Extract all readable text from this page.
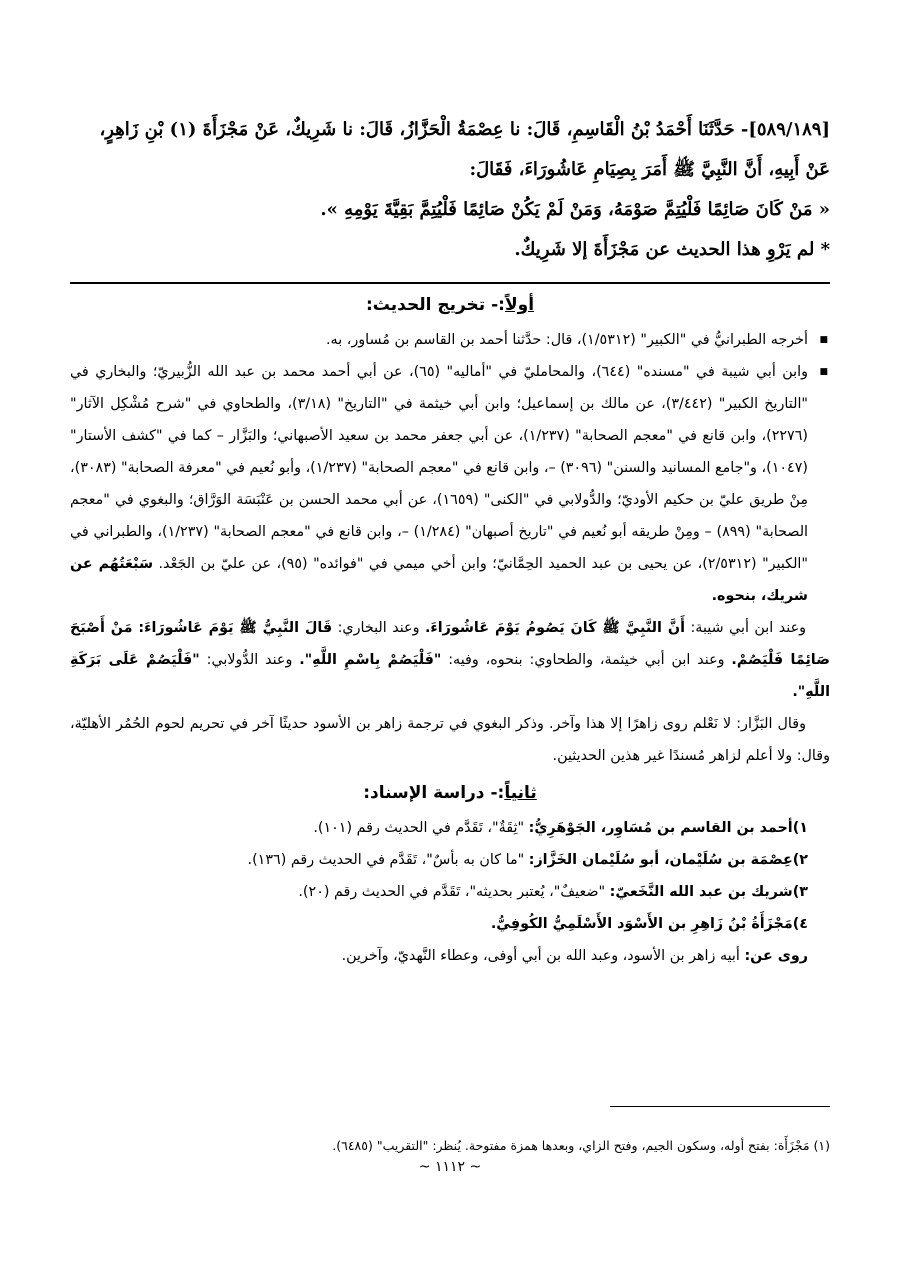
[٥٨٩/١٨٩]- حَدَّثَنَا أَحْمَدُ بْنُ الْقَاسِمِ، قَالَ: نا عِصْمَةُ الْحَزَّازُ، قَالَ: نا شَرِيكٌ، عَنْ مَجْزَأَةَ (١) بْنِ زَاهِرٍ،

عَنْ أَبِيهِ، أَنَّ النَّبِيَّ ﷺ أَمَرَ بِصِيَامِ عَاشُورَاءَ، فَقَالَ:

« مَنْ كَانَ صَائِمًا فَلْيُتِمَّ صَوْمَهُ، وَمَنْ لَمْ يَكُنْ صَائِمًا فَلْيُتِمَّ بَقِيَّةَ يَوْمِهِ ».

* لم يَرْوِ هذا الحديث عن مَجْزَأَةَ إلا شَرِيكٌ.

أولاً:- تخريج الحديث:

■ أخرجه الطبرانيُّ في "الكبير" (١/٥٣١٢)، قال: حدَّثنا أحمد بن القاسم بن مُساور، به.

■ وابن أبي شيبة في "مسنده" (٦٤٤)، والمحامليّ في "أماليه" (٦٥)، عن أبي أحمد محمد بن عبد الله الزُّبيريّ؛ والبخاري في "التاريخ الكبير" (٣/٤٤٢)، عن مالك بن إسماعيل؛ وابن أبي خيثمة في "التاريخ" (٣/١٨)، والطحاوي في "شرح مُشْكِل الآثار" (٢٢٧٦)، وابن قانع في "معجم الصحابة" (١/٢٣٧)، عن أبي جعفر محمد بن سعيد الأصبهاني؛ والبَزَّار – كما في "كشف الأستار" (١٠٤٧)، و"جامع المسانيد والسنن" (٣٠٩٦) –، وابن قانع في "معجم الصحابة" (١/٢٣٧)، وأبو نُعيم في "معرفة الصحابة" (٣٠٨٣)، مِنْ طريق عليّ بن حكيم الأوديّ؛ والدُّولابي في "الكنى" (١٦٥٩)، عن أبي محمد الحسن بن عَنْبَسَة الوَرَّاق؛ والبغوي في "معجم الصحابة" (٨٩٩) – ومِنْ طريقه أبو نُعيم في "تاريخ أصبهان" (١/٢٨٤) –، وابن قانع في "معجم الصحابة" (١/٢٣٧)، والطبراني في "الكبير" (٢/٥٣١٢)، عن يحيى بن عبد الحميد الحِمَّانيّ؛ وابن أخي ميمي في "فوائده" (٩٥)، عن عليّ بن الجَعْد. سَبْعَتُهُم عن شريك، بنحوه.

وعند ابن أبي شيبة: أَنَّ النَّبِيَّ ﷺ كَانَ يَصُومُ يَوْمَ عَاشُورَاءَ. وعند البخاري: قَالَ النَّبِيُّ ﷺ يَوْمَ عَاشُورَاءَ: مَنْ أَصْبَحَ صَائِمًا فَلْيَصُمْ. وعند ابن أبي خيثمة، والطحاوي: بنحوه، وفيه: "فَلْيَصُمْ بِاسْمِ اللَّهِ". وعند الدُّولابي: "فَلْيَصُمْ عَلَى بَرَكَةِ اللَّهِ".

وقال البَزَّار: لا نَعْلم روى زاهرًا إلا هذا وآخر. وذكر البغوي في ترجمة زاهر بن الأسود حديثًا آخر في تحريم لحوم الحُمُر الأهليّة، وقال: ولا أعلم لزاهر مُسندًا غير هذين الحديثين.

ثانياً:- دراسة الإسناد:

١)أحمد بن القاسم بن مُسَاوِر، الجَوْهَرِيُّ: "ثِقَةٌ"، تَقَدَّم في الحديث رقم (١٠١).

٢)عِصْمَة بن سُلَيْمان، أبو سُلَيْمان الخَزَّاز: "ما كان به بأسٌ"، تَقَدَّم في الحديث رقم (١٣٦).

٣)شريك بن عبد الله النَّخَعيّ: "ضعيفٌ"، يُعتبر بحديثه"، تَقَدَّم في الحديث رقم (٢٠).

٤)مَجْزَأَةُ بْنُ زَاهِرِ بن الأَسْوَد الأَسْلَمِيُّ الكُوفِيُّ.

روى عن: أبيه زاهر بن الأسود، وعبد الله بن أبي أوفى، وعطاء النَّهديّ، وآخرين.

(١) مَجْزَأَة: بفتح أوله، وسكون الجيم، وفتح الزاي، وبعدها همزة مفتوحة. يُنظر: "التقريب" (٦٤٨٥).
~ ١١١٢ ~
